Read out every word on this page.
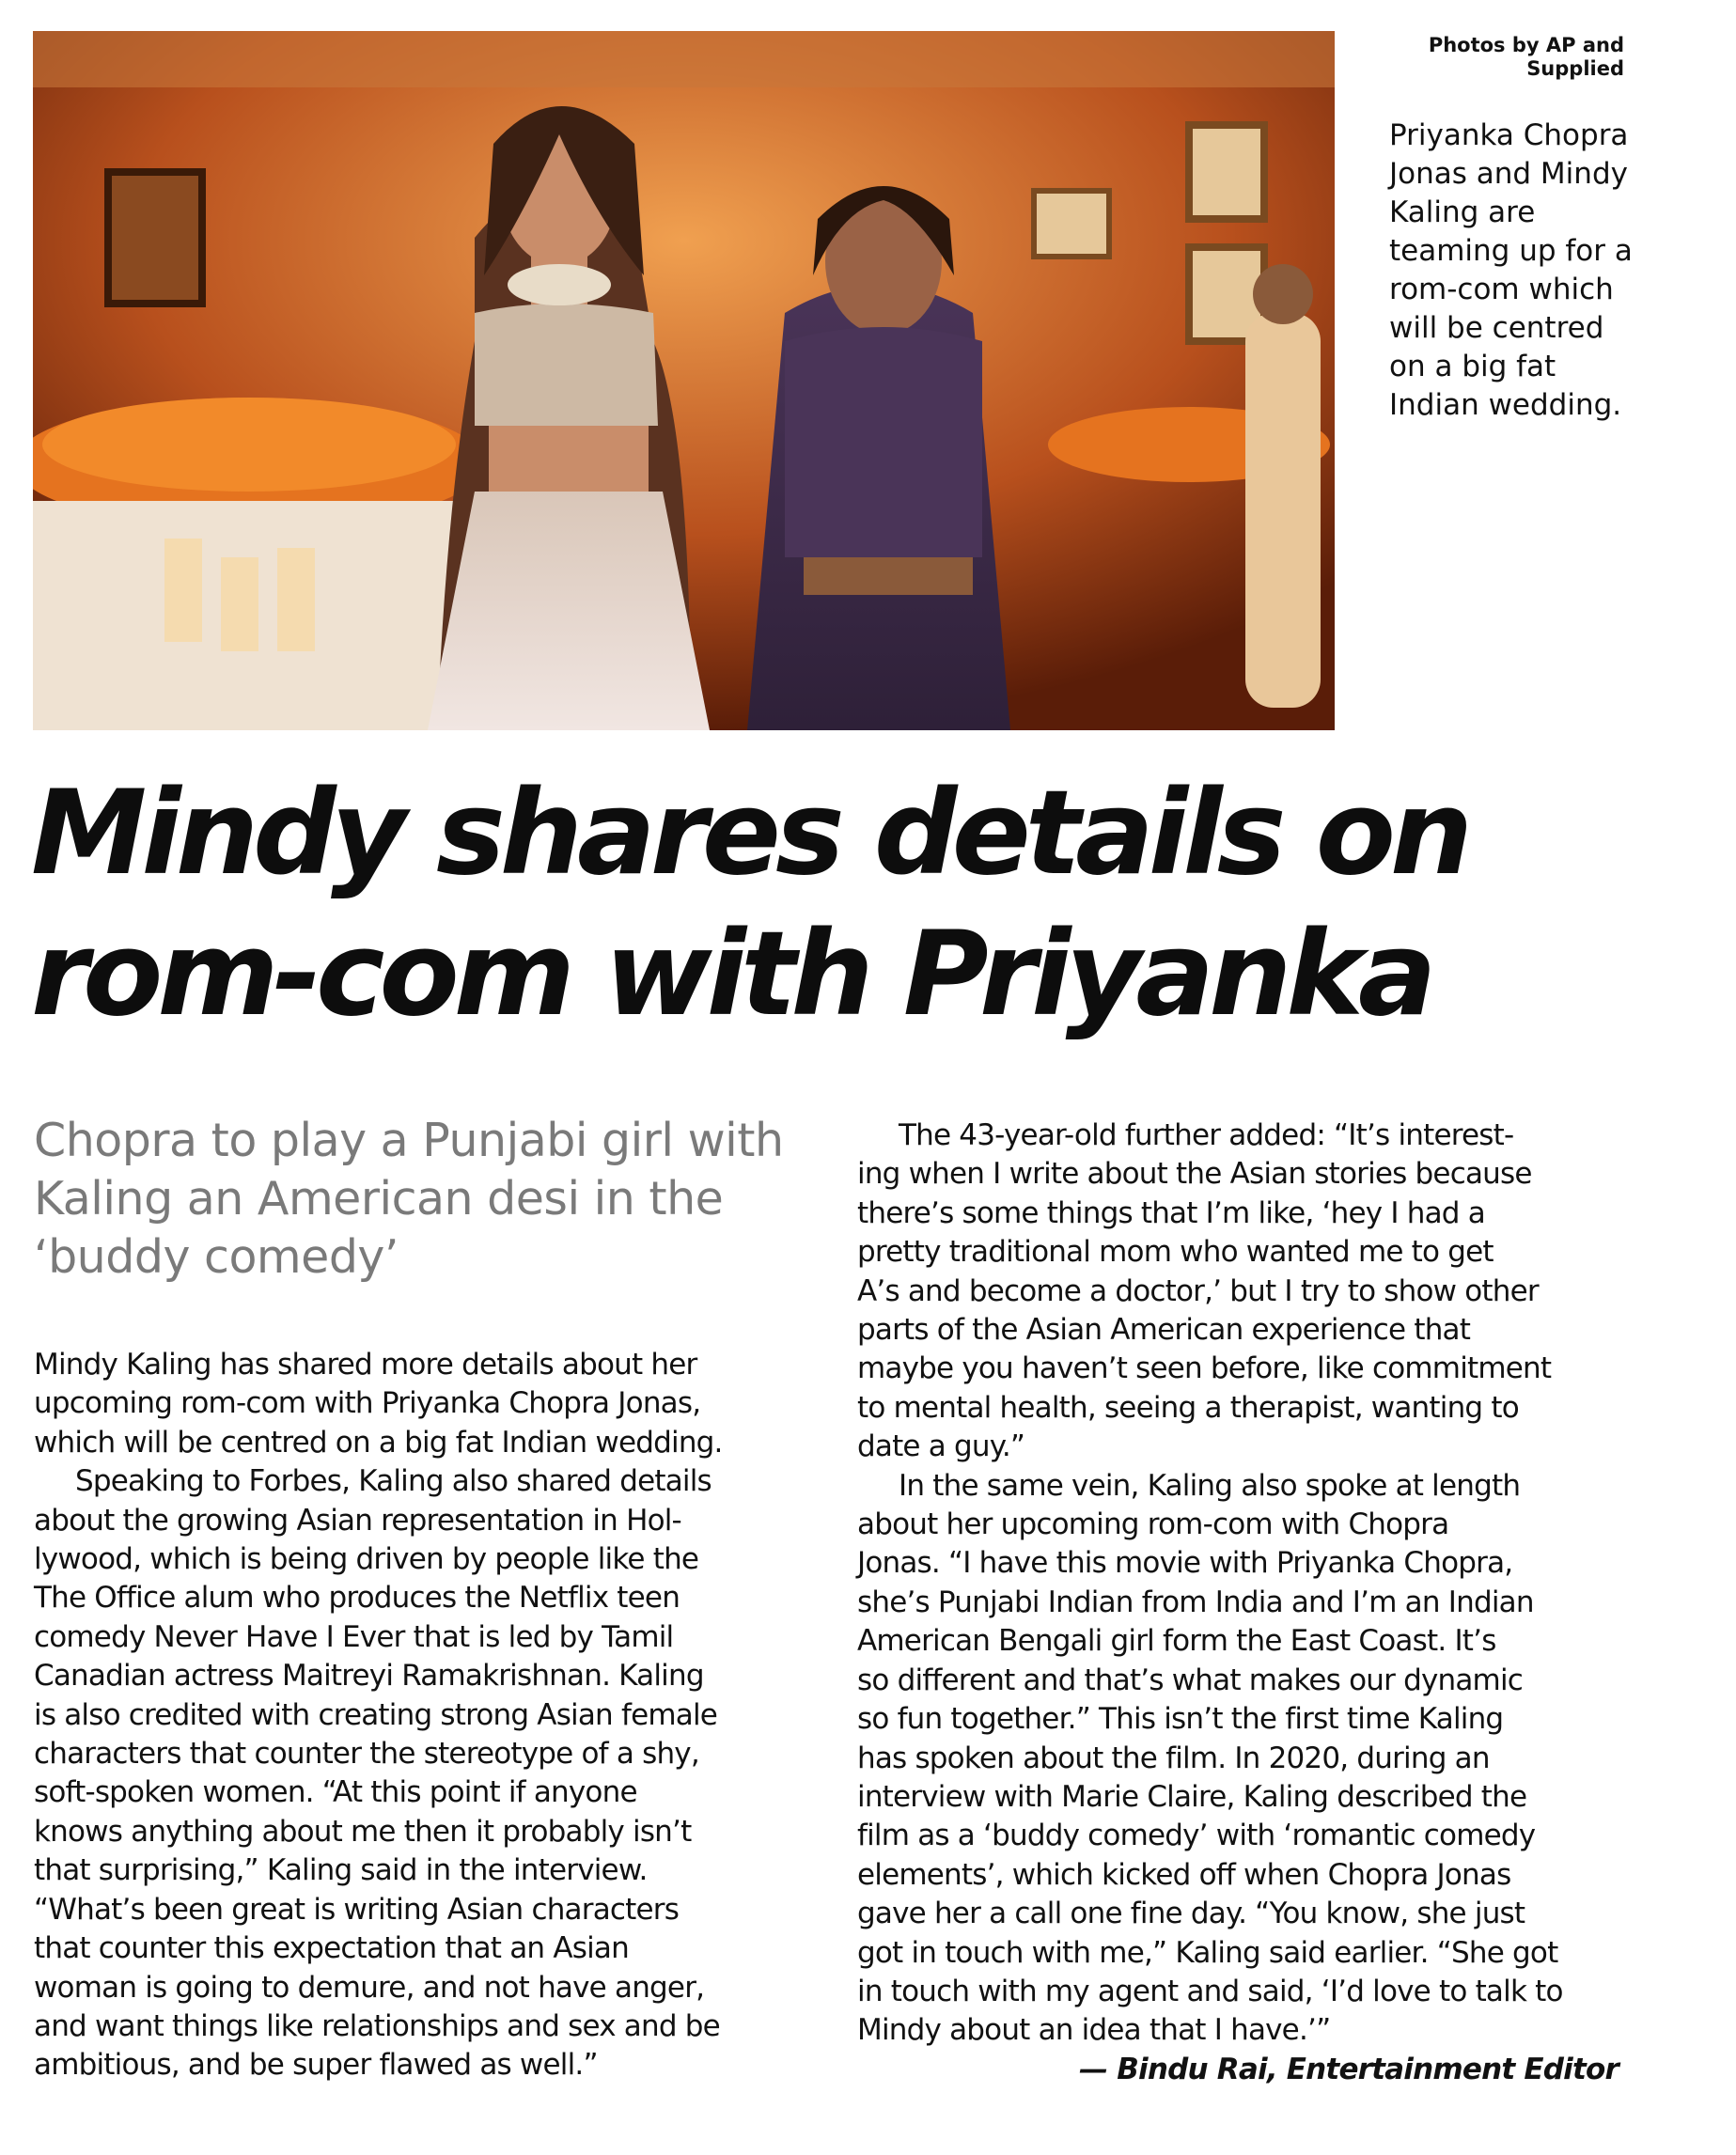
Photos by AP and
Supplied
Priyanka Chopra Jonas and Mindy Kaling are teaming up for a rom-com which will be centred on a big fat Indian wedding.
Mindy shares details on
rom-com with Priyanka
Chopra to play a Punjabi girl with Kaling an American desi in the ‘buddy comedy’

Mindy Kaling has shared more details about her

upcoming rom-com with Priyanka Chopra Jonas,

which will be centred on a big fat Indian wedding.

Speaking to Forbes, Kaling also shared details

about the growing Asian representation in Hol-

lywood, which is being driven by people like the

The Office alum who produces the Netflix teen

comedy Never Have I Ever that is led by Tamil

Canadian actress Maitreyi Ramakrishnan. Kaling

is also credited with creating strong Asian female

characters that counter the stereotype of a shy,

soft-spoken women. “At this point if anyone

knows anything about me then it probably isn’t

that surprising,” Kaling said in the interview.

“What’s been great is writing Asian characters

that counter this expectation that an Asian

woman is going to demure, and not have anger,

and want things like relationships and sex and be

ambitious, and be super flawed as well.”

The 43-year-old further added: “It’s interest-

ing when I write about the Asian stories because

there’s some things that I’m like, ‘hey I had a

pretty traditional mom who wanted me to get

A’s and become a doctor,’ but I try to show other

parts of the Asian American experience that

maybe you haven’t seen before, like commitment

to mental health, seeing a therapist, wanting to

date a guy.”

In the same vein, Kaling also spoke at length

about her upcoming rom-com with Chopra

Jonas. “I have this movie with Priyanka Chopra,

she’s Punjabi Indian from India and I’m an Indian

American Bengali girl form the East Coast. It’s

so different and that’s what makes our dynamic

so fun together.” This isn’t the first time Kaling

has spoken about the film. In 2020, during an

interview with Marie Claire, Kaling described the

film as a ‘buddy comedy’ with ‘romantic comedy

elements’, which kicked off when Chopra Jonas

gave her a call one fine day. “You know, she just

got in touch with me,” Kaling said earlier. “She got

in touch with my agent and said, ‘I’d love to talk to

Mindy about an idea that I have.’”

— Bindu Rai, Entertainment Editor
